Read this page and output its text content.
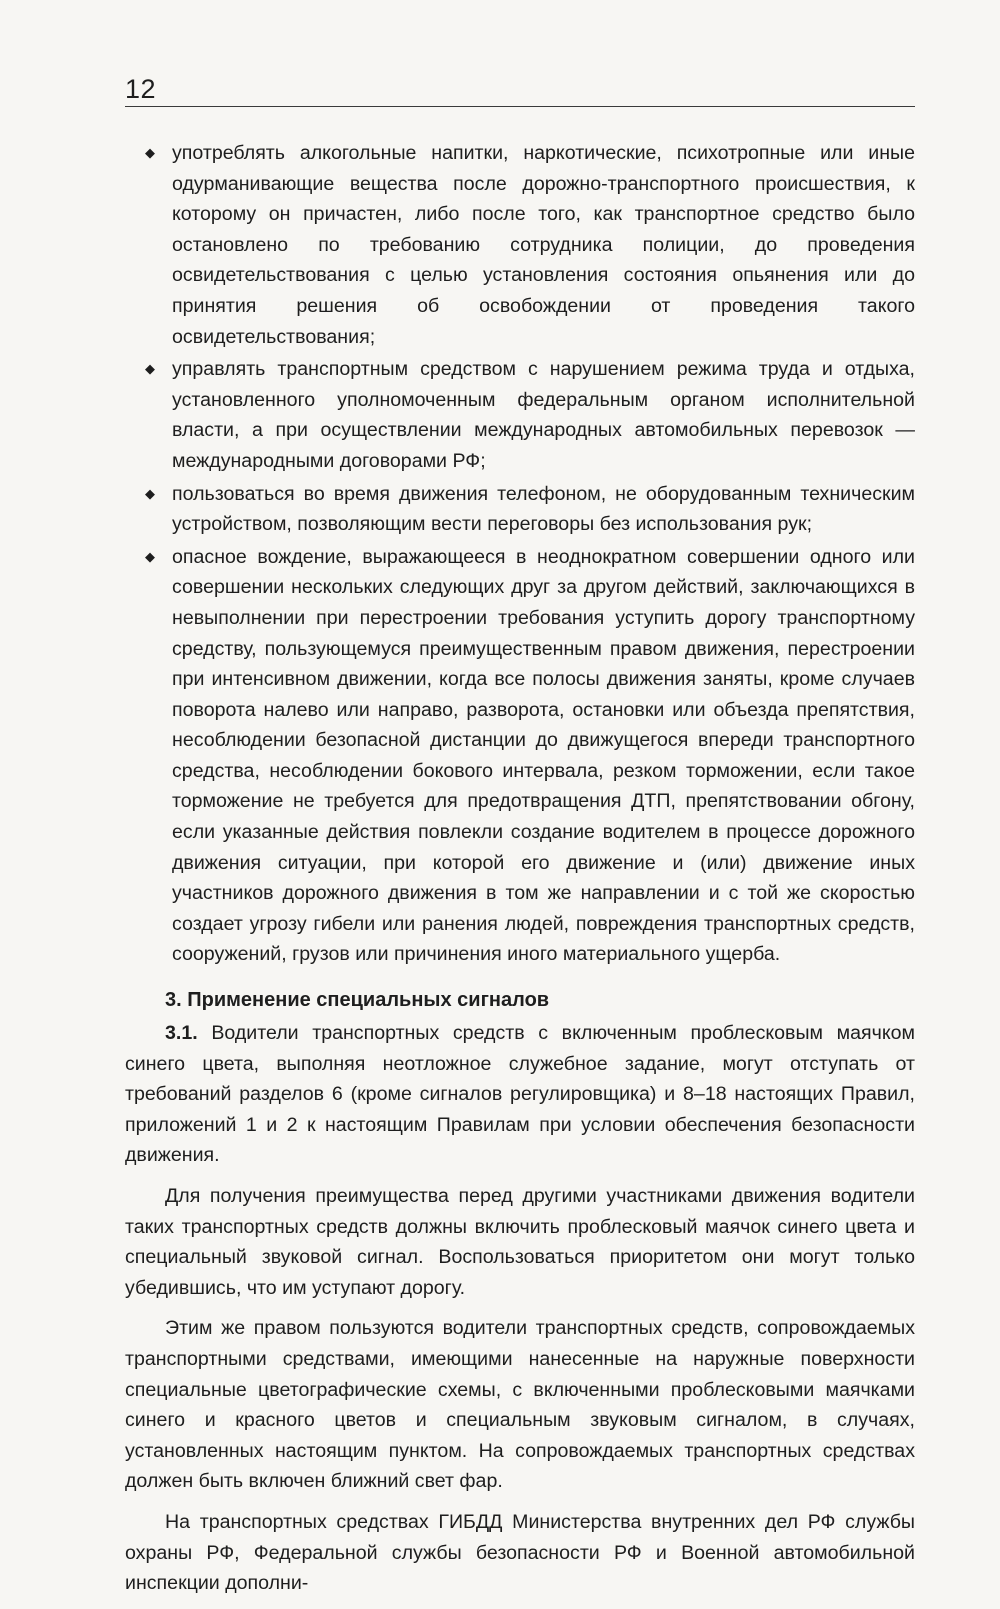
12
◆ употреблять алкогольные напитки, наркотические, психотропные или иные одурманивающие вещества после дорожно-транспортного происшествия, к которому он причастен, либо после того, как транспортное средство было остановлено по требованию сотрудника полиции, до проведения освидетельствования с целью установления состояния опьянения или до принятия решения об освобождении от проведения такого освидетельствования;
◆ управлять транспортным средством с нарушением режима труда и отдыха, установленного уполномоченным федеральным органом исполнительной власти, а при осуществлении международных автомобильных перевозок — международными договорами РФ;
◆ пользоваться во время движения телефоном, не оборудованным техническим устройством, позволяющим вести переговоры без использования рук;
◆ опасное вождение, выражающееся в неоднократном совершении одного или совершении нескольких следующих друг за другом действий, заключающихся в невыполнении при перестроении требования уступить дорогу транспортному средству, пользующемуся преимущественным правом движения, перестроении при интенсивном движении, когда все полосы движения заняты, кроме случаев поворота налево или направо, разворота, остановки или объезда препятствия, несоблюдении безопасной дистанции до движущегося впереди транспортного средства, несоблюдении бокового интервала, резком торможении, если такое торможение не требуется для предотвращения ДТП, препятствовании обгону, если указанные действия повлекли создание водителем в процессе дорожного движения ситуации, при которой его движение и (или) движение иных участников дорожного движения в том же направлении и с той же скоростью создает угрозу гибели или ранения людей, повреждения транспортных средств, сооружений, грузов или причинения иного материального ущерба.
3. Применение специальных сигналов

3.1. Водители транспортных средств с включенным проблесковым маячком синего цвета, выполняя неотложное служебное задание, могут отступать от требований разделов 6 (кроме сигналов регулировщика) и 8–18 настоящих Правил, приложений 1 и 2 к настоящим Правилам при условии обеспечения безопасности движения.

Для получения преимущества перед другими участниками движения водители таких транспортных средств должны включить проблесковый маячок синего цвета и специальный звуковой сигнал. Воспользоваться приоритетом они могут только убедившись, что им уступают дорогу.

Этим же правом пользуются водители транспортных средств, сопровождаемых транспортными средствами, имеющими нанесенные на наружные поверхности специальные цветографические схемы, с включенными проблесковыми маячками синего и красного цветов и специальным звуковым сигналом, в случаях, установленных настоящим пунктом. На сопровождаемых транспортных средствах должен быть включен ближний свет фар.

На транспортных средствах ГИБДД Министерства внутренних дел РФ службы охраны РФ, Федеральной службы безопасности РФ и Военной автомобильной инспекции дополни-
